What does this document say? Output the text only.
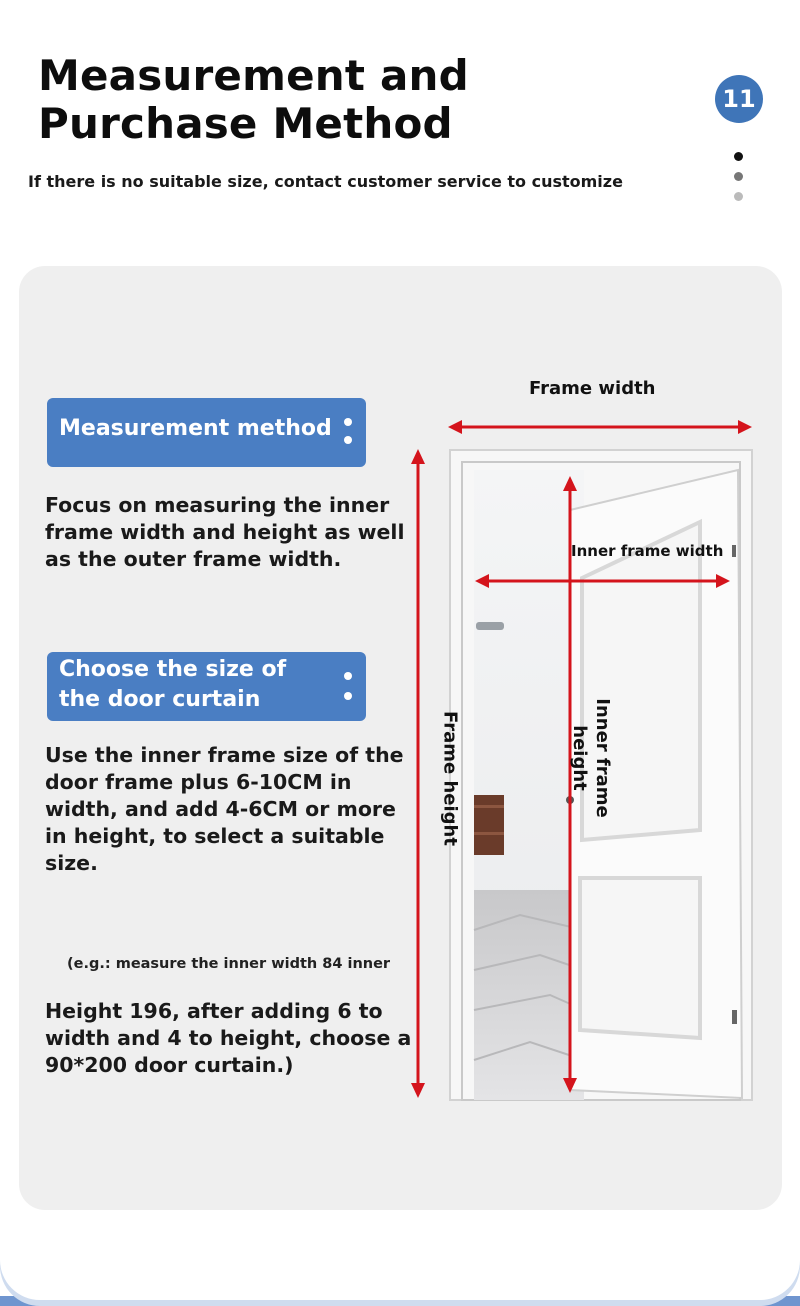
Measurement and
Purchase Method
If there is no suitable size, contact customer service to customize
11
Measurement method

Focus on measuring the inner frame width and height as well as the outer frame width.

Choose the size of
the door curtain

Use the inner frame size of the door frame plus 6-10CM in width, and add 4-6CM or more in height, to select a suitable size.

(e.g.: measure the inner width 84 inner

Height 196, after adding 6 to width and 4 to height, choose a 90*200 door curtain.)

Frame width
Inner frame width
Frame height	Inner frame
height
